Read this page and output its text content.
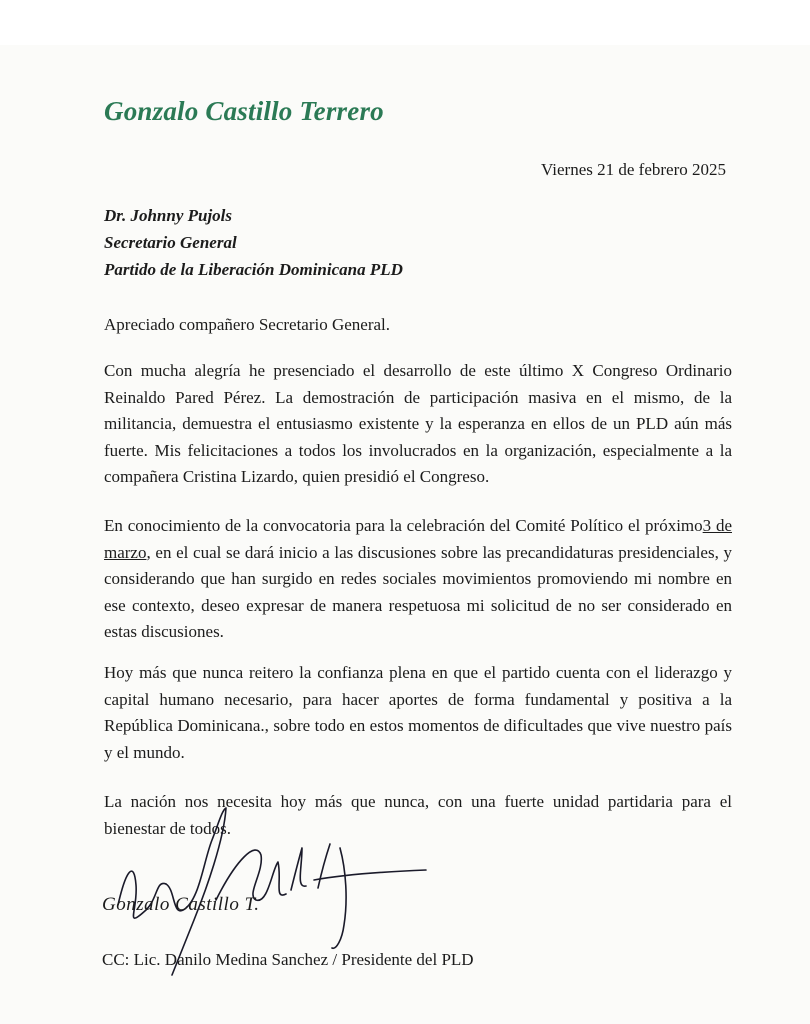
Gonzalo Castillo Terrero
Viernes 21 de febrero 2025
Dr. Johnny Pujols
Secretario General
Partido de la Liberación Dominicana PLD

Apreciado compañero Secretario General.

Con mucha alegría he presenciado el desarrollo de este último X Congreso Ordinario Reinaldo Pared Pérez. La demostración de participación masiva en el mismo, de la militancia, demuestra el entusiasmo existente y la esperanza en ellos de un PLD aún más fuerte. Mis felicitaciones a todos los involucrados en la organización, especialmente a la compañera Cristina Lizardo, quien presidió el Congreso.

En conocimiento de la convocatoria para la celebración del Comité Político el próximo3 de marzo, en el cual se dará inicio a las discusiones sobre las precandidaturas presidenciales, y considerando que han surgido en redes sociales movimientos promoviendo mi nombre en ese contexto, deseo expresar de manera respetuosa mi solicitud de no ser considerado en estas discusiones.

Hoy más que nunca reitero la confianza plena en que el partido cuenta con el liderazgo y capital humano necesario, para hacer aportes de forma fundamental y positiva a la República Dominicana., sobre todo en estos momentos de dificultades que vive nuestro país y el mundo.

La nación nos necesita hoy más que nunca, con una fuerte unidad partidaria para el bienestar de todos.

Gonzalo Castillo T.
CC: Lic. Danilo Medina Sanchez / Presidente del PLD
